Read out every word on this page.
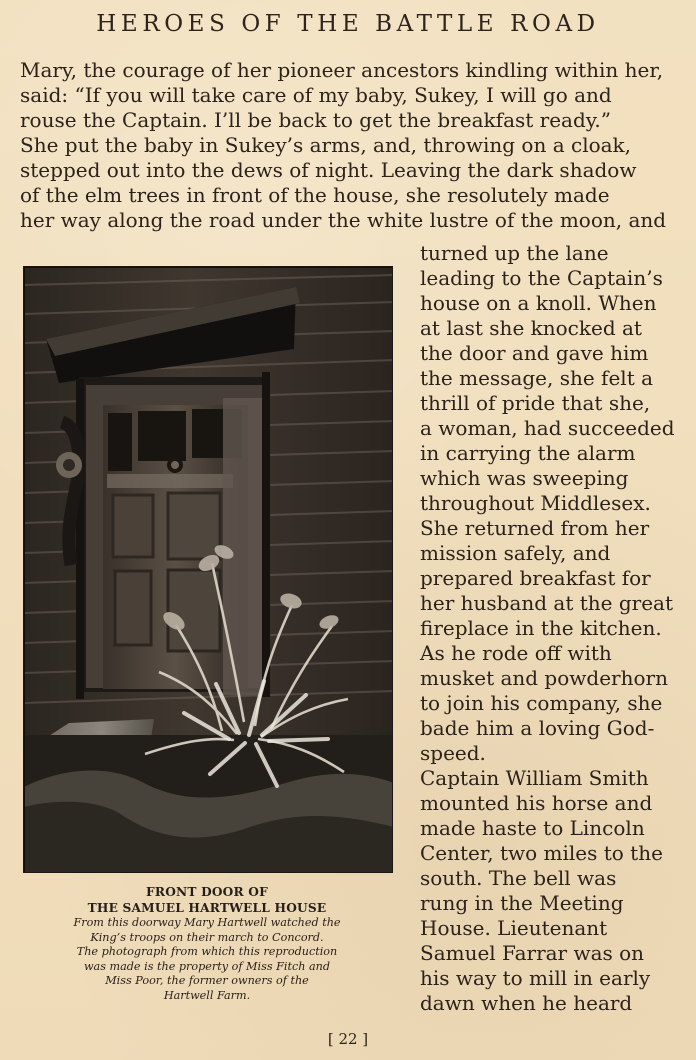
HEROES OF THE BATTLE ROAD
Mary, the courage of her pioneer ancestors kindling within her,
said: “If you will take care of my baby, Sukey, I will go and
rouse the Captain. I’ll be back to get the breakfast ready.”
She put the baby in Sukey’s arms, and, throwing on a cloak,
stepped out into the dews of night. Leaving the dark shadow
of the elm trees in front of the house, she resolutely made
her way along the road under the white lustre of the moon, and
turned up the lane
leading to the Captain’s
house on a knoll. When
at last she knocked at
the door and gave him
the message, she felt a
thrill of pride that she,
a woman, had succeeded
in carrying the alarm
which was sweeping
throughout Middlesex.
She returned from her
mission safely, and
prepared breakfast for
her husband at the great
fireplace in the kitchen.
As he rode off with
musket and powderhorn
to join his company, she
bade him a loving God-
speed.
Captain William Smith
mounted his horse and
made haste to Lincoln
Center, two miles to the
south. The bell was
rung in the Meeting
House. Lieutenant
Samuel Farrar was on
his way to mill in early
dawn when he heard
FRONT DOOR OF
THE SAMUEL HARTWELL HOUSE
From this doorway Mary Hartwell watched the
King’s troops on their march to Concord.
The photograph from which this reproduction
was made is the property of Miss Fitch and
Miss Poor, the former owners of the
Hartwell Farm.
[ 22 ]
